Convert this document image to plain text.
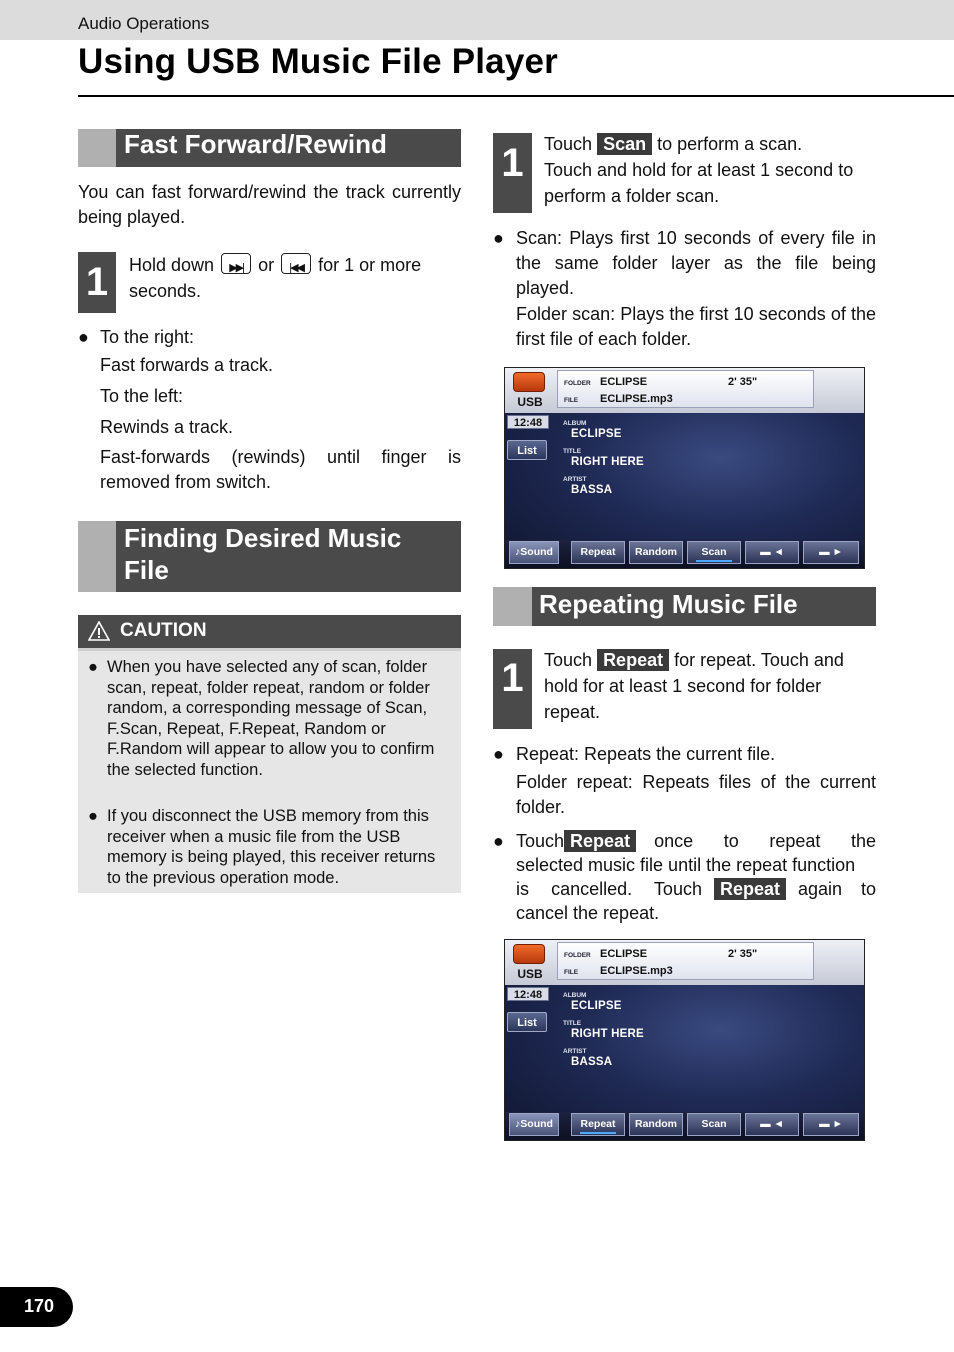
Audio Operations
Using USB Music File Player
Fast Forward/Rewind
You can fast forward/rewind the track currently being played.
1	Hold down	▶▶| or	|◀◀ for 1 or more seconds.
● To the right:
Fast forwards a track.
To the left:
Rewinds a track.
Fast-forwards (rewinds) until finger is removed from switch.
Finding Desired Music
File
CAUTION
● When you have selected any of scan, folder scan, repeat, folder repeat, random or folder random, a corresponding message of Scan, F.Scan, Repeat, F.Repeat, Random or F.Random will appear to allow you to confirm the selected function.
● If you disconnect the USB memory from this receiver when a music file from the USB memory is being played, this receiver returns to the previous operation mode.
1	Touch Scan to perform a scan.
Touch and hold for at least 1 second to perform a folder scan.
● Scan: Plays first 10 seconds of every file in the same folder layer as the file being played.
Folder scan: Plays the first 10 seconds of the first file of each folder.
USB
FOLDER ECLIPSE	2' 35"
FILE ECLIPSE.mp3
12:48
List
ALBUM
ECLIPSE
TITLE
RIGHT HERE
ARTIST
BASSA
♪Sound	Repeat	Random	Scan	▬ ◄	▬ ►
Repeating Music File
1	Touch Repeat for repeat. Touch and
hold for at least 1 second for folder repeat.
● Repeat: Repeats the current file.
Folder repeat: Repeats files of the current folder.
● Touch Repeat	once to repeat the
selected music file until the repeat function
is cancelled. Touch	Repeat	again to
cancel the repeat.
USB
FOLDER ECLIPSE	2' 35"
FILE ECLIPSE.mp3
12:48
List
ALBUM
ECLIPSE
TITLE
RIGHT HERE
ARTIST
BASSA
♪Sound	Repeat	Random	Scan	▬ ◄	▬ ►
170
